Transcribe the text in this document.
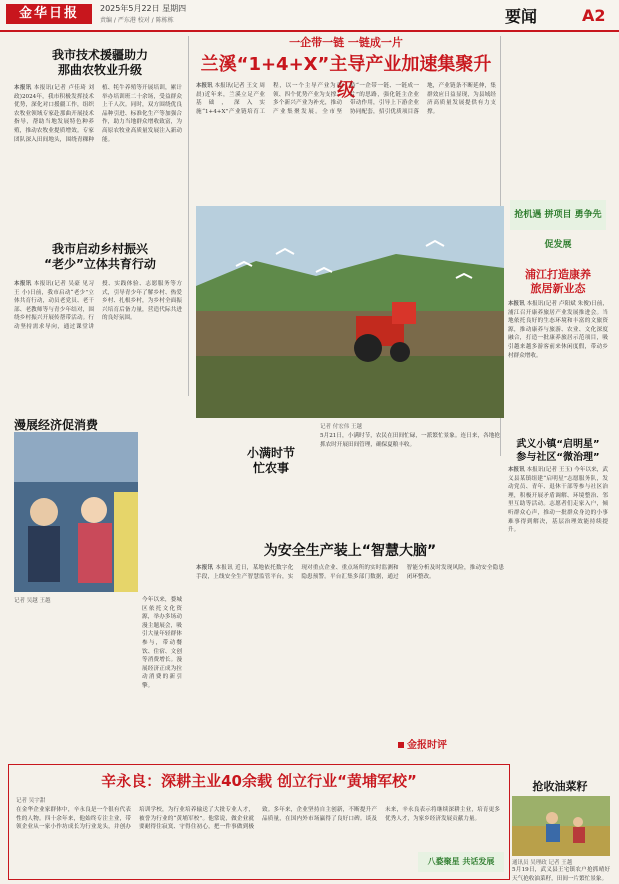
金华日报	2025年5月22日 星期四
责编 / 严东港 校对 / 陈栋栋	要闻	A2
我市技术援疆助力
那曲农牧业升级
本报讯 本报讯(记者 卢佳琦 刘 政)2024年，我市积极发挥技术优势，深化对口援疆工作，组织农牧业领域专家赴那曲开展技术指导，帮助当地发展特色种养殖，推动农牧业提质增效。专家团队深入田间地头，围绕青稞种植、牦牛养殖等开展培训，累计举办培训班二十余场，受益群众上千人次。同时，双方围绕优良品种引进、标准化生产等加强合作，助力当地群众增收致富，为高原农牧业高质量发展注入新动能。
我市启动乡村振兴
“老少”立体共育行动
本报讯 本报讯(记者 吴豪 见习 王 小)日前，我市启动“老少”立体共育行动，动员老党员、老干部、老教师等与青少年结对，围绕乡村振兴开展传帮带活动。行动坚持需求导向，通过课堂讲授、实践体验、志愿服务等方式，引导青少年了解乡村、热爱乡村、扎根乡村，为乡村全面振兴培育后备力量，营造代际共进的良好氛围。
漫展经济促消费
记者 吴越 王越	今年以来，婺城区依托文化资源，举办多场动漫主题展会，吸引大量年轻群体参与，带动餐饮、住宿、文创等消费增长。漫展经济正成为拉动消费的新引擎。
一企带一链 一链成一片
兰溪“1+4+X”主导产业加速集聚升级
本报讯 本报讯(记者 王文 周晨)近年来，兰溪立足产业基础，深入实施“1+4+X”产业链培育工程，以一个主导产业为引领、四个优势产业为支撑、多个新兴产业为补充，推动产业集聚发展。全市坚持“一企带一链、一链成一片”的思路，强化链主企业带动作用，引导上下游企业协同配套，招引优质项目落地，产业链条不断延伸，集群效应日益显现，为县域经济高质量发展提供有力支撑。
抢机遇 拼项目 勇争先 促发展
小满时节
忙农事
记者 付宏伟 王越
5月21日，小满时节，农民在田间忙碌，一派繁忙景象。连日来，各地抢抓农时开展田间管理，确保夏粮丰收。
浦江打造康养
旅居新业态
本报讯 本报讯(记者 卢阳斌 朱俊)日前，浦江召开康养旅居产业发展推进会。当地依托良好的生态环境和丰富的文旅资源，推动康养与旅游、农业、文化深度融合，打造一批康养旅居示范项目，吸引越来越多游客前来休闲度假，带动乡村群众增收。
武义小镇“启明星”
参与社区“微治理”
本报讯 本报讯(记者 王玉) 今年以来，武义县某镇组建“启明星”志愿服务队，发动党员、青年、退休干部等参与社区治理，积极开展矛盾调解、环境整治、邻里互助等活动。志愿者们走家入户，倾听群众心声，推动一批群众身边的小事难事得到解决，基层治理效能持续提升。
为安全生产装上“智慧大脑”
本报讯 本报讯 近日，某地依托数字化手段，上线安全生产智慧监管平台，实现对重点企业、重点场所的实时监测和隐患预警。平台汇集多部门数据，通过智能分析及时发现风险，推动安全隐患闭环整改。
金报时评
辛永良：深耕主业40余载 创立行业“黄埔军校”
记者 吴宇甜
在金华企业家群体中，辛永良是一个很有代表性的人物。四十余年来，他始终专注主业，带领企业从一家小作坊成长为行业龙头，并创办培训学校，为行业培养输送了大批专业人才，被誉为行业的“黄埔军校”。他常说，做企业就要耐得住寂寞、守得住初心，把一件事做到极致。多年来，企业坚持自主创新，不断提升产品质量，在国内外市场赢得了良好口碑。谈及未来，辛永良表示将继续深耕主业，培育更多优秀人才，为家乡经济发展贡献力量。
八婺聚星 共话发展
抢收油菜籽
通讯员 吴理政 记者 王越
5月19日，武义县王宅镇农户抢抓晴好天气抢收油菜籽，田间一片繁忙景象。
